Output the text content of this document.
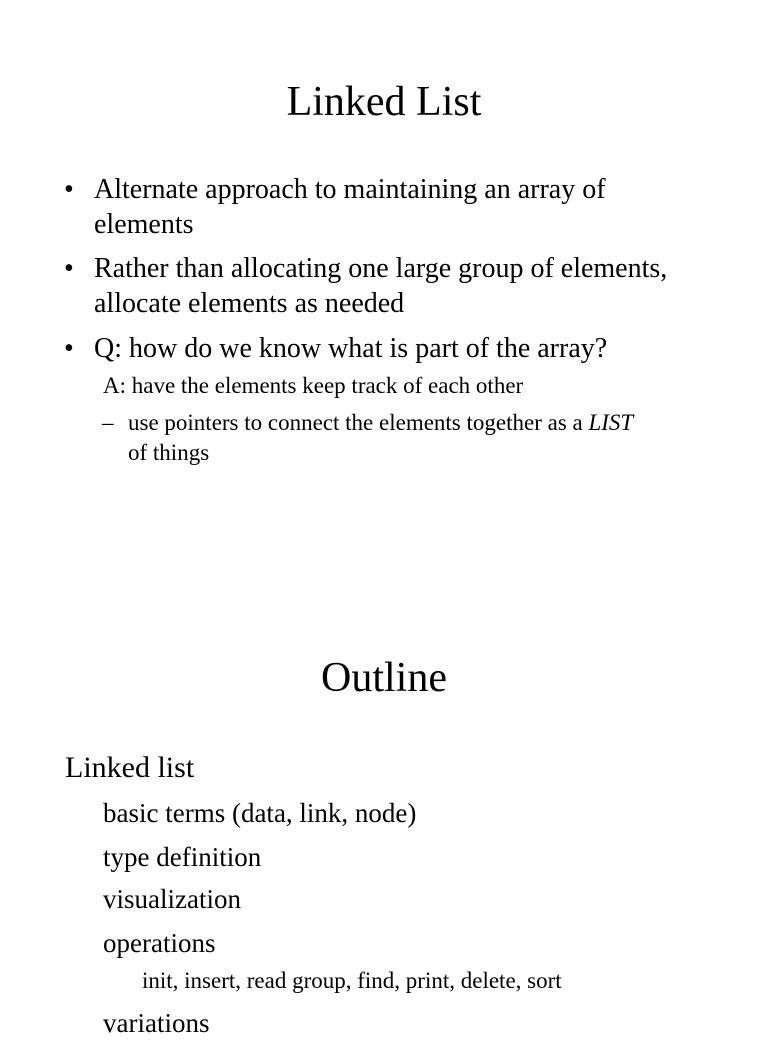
Linked List
• Alternate approach to maintaining an array of elements
• Rather than allocating one large group of elements, allocate elements as needed
• Q: how do we know what is part of the array?
A: have the elements keep track of each other
– use pointers to connect the elements together as a LIST
of things
Outline
Linked list
basic terms (data, link, node)
type definition
visualization
operations
init, insert, read group, find, print, delete, sort
variations
